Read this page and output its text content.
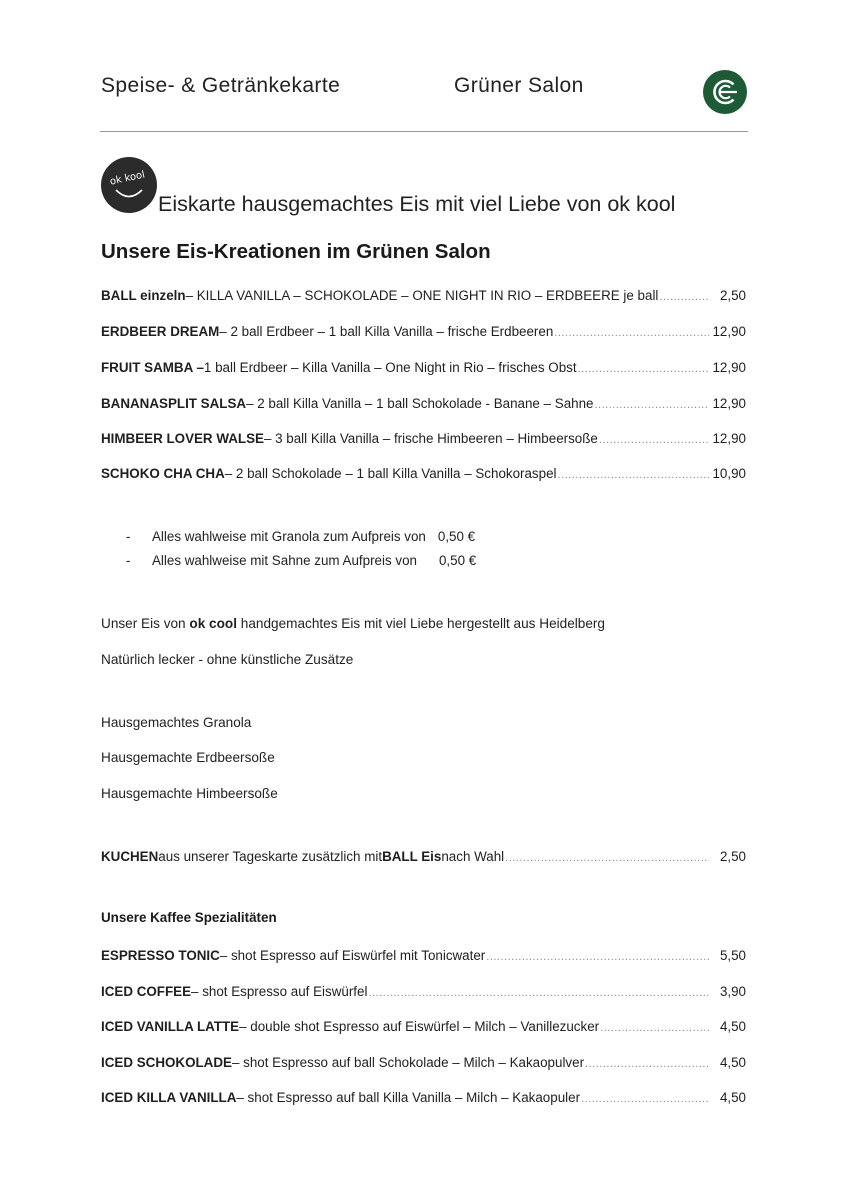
Speise- & Getränkekarte	Grüner Salon
ok kool
Eiskarte hausgemachtes Eis mit viel Liebe von ok kool
Unsere Eis-Kreationen im Grünen Salon
BALL einzeln – KILLA VANILLA – SCHOKOLADE – ONE NIGHT IN RIO – ERDBEERE je ball .....	2,50
ERDBEER DREAM – 2 ball Erdbeer – 1 ball Killa Vanilla – frische Erdbeeren .....	12,90
FRUIT SAMBA – 1 ball Erdbeer – Killa Vanilla – One Night in Rio – frisches Obst .....	12,90
BANANASPLIT SALSA – 2 ball Killa Vanilla – 1 ball Schokolade - Banane – Sahne .....	12,90
HIMBEER LOVER WALSE – 3 ball Killa Vanilla – frische Himbeeren – Himbeersoße .....	12,90
SCHOKO CHA CHA – 2 ball Schokolade – 1 ball Killa Vanilla – Schokoraspel .....	10,90
- Alles wahlweise mit Granola zum Aufpreis von 0,50 €
- Alles wahlweise mit Sahne zum Aufpreis von 0,50 €
Unser Eis von ok cool handgemachtes Eis mit viel Liebe hergestellt aus Heidelberg
Natürlich lecker - ohne künstliche Zusätze
Hausgemachtes Granola
Hausgemachte Erdbeersoße
Hausgemachte Himbeersoße
KUCHEN aus unserer Tageskarte zusätzlich mit BALL Eis nach Wahl .....	2,50
Unsere Kaffee Spezialitäten
ESPRESSO TONIC – shot Espresso auf Eiswürfel mit Tonicwater .....	5,50
ICED COFFEE – shot Espresso auf Eiswürfel .....	3,90
ICED VANILLA LATTE – double shot Espresso auf Eiswürfel – Milch – Vanillezucker .....	4,50
ICED SCHOKOLADE – shot Espresso auf ball Schokolade – Milch – Kakaopulver .....	4,50
ICED KILLA VANILLA – shot Espresso auf ball Killa Vanilla – Milch – Kakaopuler .....	4,50
